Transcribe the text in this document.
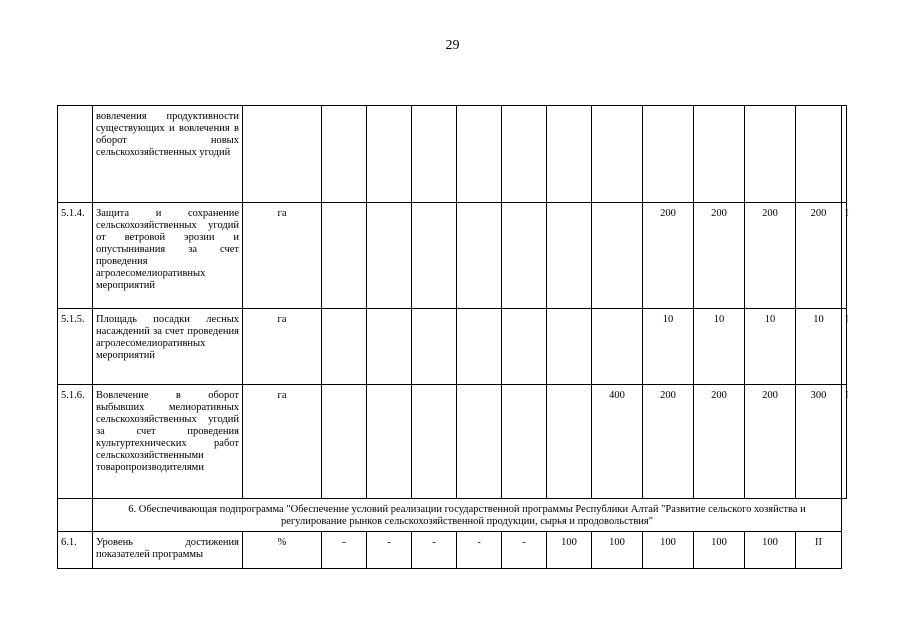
29
	вовлечения продуктивности существующих и вовлечения в оборот новых сельскохозяйственных угодий													
5.1.4.	Защита и сохранение сельскохозяйственных угодий от ветровой эрозии и опустынивания за счет проведения агролесомелиоративных мероприятий	га								200	200	200	200	I
5.1.5.	Площадь посадки лесных насаждений за счет проведения агролесомелиоративных мероприятий	га								10	10	10	10	I
5.1.6.	Вовлечение в оборот выбывших мелиоративных сельскохозяйственных угодий за счет проведения культуртехнических работ сельскохозяйственными товаропроизводителями	га							400	200	200	200	300	I
	6. Обеспечивающая подпрограмма "Обеспечение условий реализации государственной программы Республики Алтай "Развитие сельского хозяйства и регулирование рынков сельскохозяйственной продукции, сырья и продовольствия"													
6.1.	Уровень достижения показателей программы	%	-	-	-	-	-	100	100	100	100	100	II	
